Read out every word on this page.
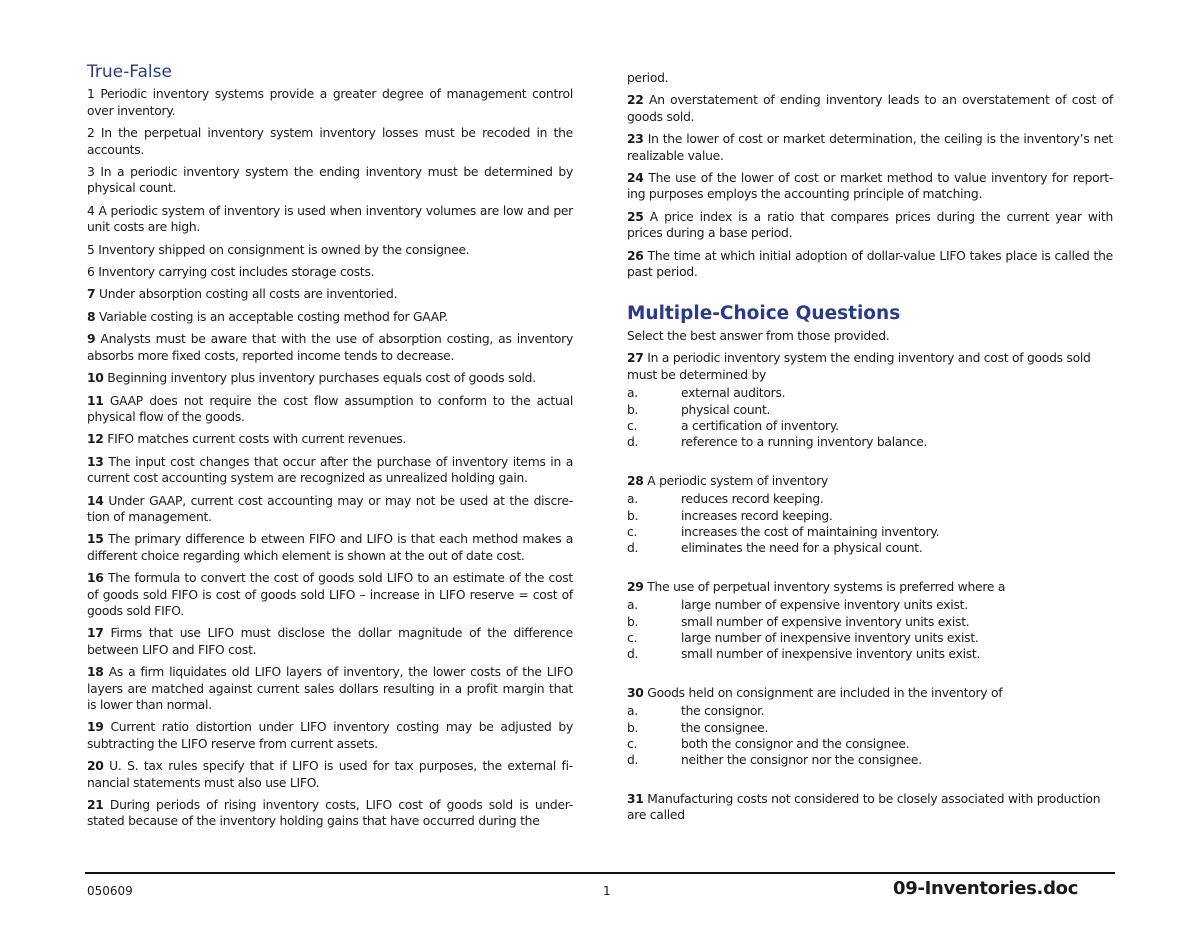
True-False

1 Periodic inventory systems provide a greater degree of management control over inventory.

2 In the perpetual inventory system inventory losses must be recoded in the accounts.

3 In a periodic inventory system the ending inventory must be determined by physical count.

4 A periodic system of inventory is used when inventory volumes are low and per unit costs are high.

5 Inventory shipped on consignment is owned by the consignee.

6 Inventory carrying cost includes storage costs.

7 Under absorption costing all costs are inventoried.

8 Variable costing is an acceptable costing method for GAAP.

9 Analysts must be aware that with the use of absorption costing, as inventory absorbs more fixed costs, reported income tends to decrease.

10 Beginning inventory plus inventory purchases equals cost of goods sold.

11 GAAP does not require the cost flow assumption to conform to the actual physical flow of the goods.

12 FIFO matches current costs with current revenues.

13 The input cost changes that occur after the purchase of inventory items in a current cost accounting system are recognized as unrealized holding gain.

14 Under GAAP, current cost accounting may or may not be used at the discre-tion of management.

15 The primary difference b etween FIFO and LIFO is that each method makes a different choice regarding which element is shown at the out of date cost.

16 The formula to convert the cost of goods sold LIFO to an estimate of the cost of goods sold FIFO is cost of goods sold LIFO – increase in LIFO reserve = cost of goods sold FIFO.

17 Firms that use LIFO must disclose the dollar magnitude of the difference between LIFO and FIFO cost.

18 As a firm liquidates old LIFO layers of inventory, the lower costs of the LIFO layers are matched against current sales dollars resulting in a profit margin that is lower than normal.

19 Current ratio distortion under LIFO inventory costing may be adjusted by subtracting the LIFO reserve from current assets.

20 U. S. tax rules specify that if LIFO is used for tax purposes, the external fi-nancial statements must also use LIFO.

21 During periods of rising inventory costs, LIFO cost of goods sold is under-stated because of the inventory holding gains that have occurred during the

period.

22 An overstatement of ending inventory leads to an overstatement of cost of goods sold.

23 In the lower of cost or market determination, the ceiling is the inventory’s net realizable value.

24 The use of the lower of cost or market method to value inventory for report-ing purposes employs the accounting principle of matching.

25 A price index is a ratio that compares prices during the current year with prices during a base period.

26 The time at which initial adoption of dollar-value LIFO takes place is called the past period.

Multiple-Choice Questions

Select the best answer from those provided.

27 In a periodic inventory system the ending inventory and cost of goods sold must be determined by

a.	external auditors.
b.	physical count.
c.	a certification of inventory.
d.	reference to a running inventory balance.

28 A periodic system of inventory

a.	reduces record keeping.
b.	increases record keeping.
c.	increases the cost of maintaining inventory.
d.	eliminates the need for a physical count.

29 The use of perpetual inventory systems is preferred where a

a.	large number of expensive inventory units exist.
b.	small number of expensive inventory units exist.
c.	large number of inexpensive inventory units exist.
d.	small number of inexpensive inventory units exist.

30 Goods held on consignment are included in the inventory of

a.	the consignor.
b.	the consignee.
c.	both the consignor and the consignee.
d.	neither the consignor nor the consignee.

31 Manufacturing costs not considered to be closely associated with production are called

050609	1	09-Inventories.doc
